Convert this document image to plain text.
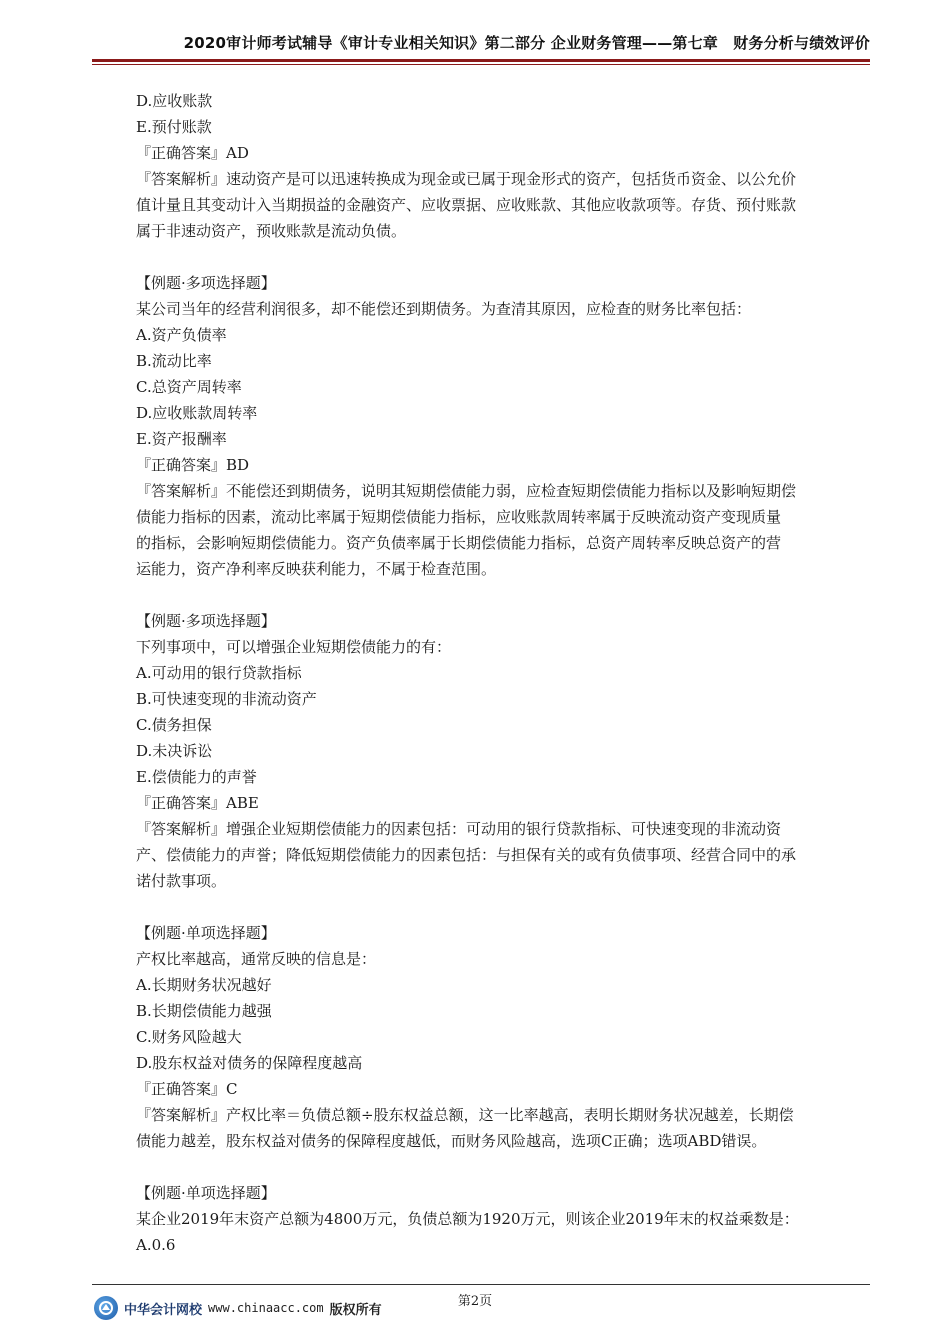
2020审计师考试辅导《审计专业相关知识》第二部分 企业财务管理——第七章　财务分析与绩效评价
D.应收账款
E.预付账款
『正确答案』AD
『答案解析』速动资产是可以迅速转换成为现金或已属于现金形式的资产，包括货币资金、以公允价
值计量且其变动计入当期损益的金融资产、应收票据、应收账款、其他应收款项等。存货、预付账款
属于非速动资产，预收账款是流动负债。
【例题·多项选择题】
某公司当年的经营利润很多，却不能偿还到期债务。为查清其原因，应检查的财务比率包括：
A.资产负债率
B.流动比率
C.总资产周转率
D.应收账款周转率
E.资产报酬率
『正确答案』BD
『答案解析』不能偿还到期债务，说明其短期偿债能力弱，应检查短期偿债能力指标以及影响短期偿
债能力指标的因素，流动比率属于短期偿债能力指标，应收账款周转率属于反映流动资产变现质量
的指标，会影响短期偿债能力。资产负债率属于长期偿债能力指标，总资产周转率反映总资产的营
运能力，资产净利率反映获利能力，不属于检查范围。
【例题·多项选择题】
下列事项中，可以增强企业短期偿债能力的有：
A.可动用的银行贷款指标
B.可快速变现的非流动资产
C.债务担保
D.未决诉讼
E.偿债能力的声誉
『正确答案』ABE
『答案解析』增强企业短期偿债能力的因素包括：可动用的银行贷款指标、可快速变现的非流动资
产、偿债能力的声誉；降低短期偿债能力的因素包括：与担保有关的或有负债事项、经营合同中的承
诺付款事项。
【例题·单项选择题】
产权比率越高，通常反映的信息是：
A.长期财务状况越好
B.长期偿债能力越强
C.财务风险越大
D.股东权益对债务的保障程度越高
『正确答案』C
『答案解析』产权比率＝负债总额÷股东权益总额，这一比率越高，表明长期财务状况越差，长期偿
债能力越差，股东权益对债务的保障程度越低，而财务风险越高，选项C正确；选项ABD错误。
【例题·单项选择题】
某企业2019年末资产总额为4800万元，负债总额为1920万元，则该企业2019年末的权益乘数是：
A.0.6
第2页
中华会计网校 www.chinaacc.com 版权所有
